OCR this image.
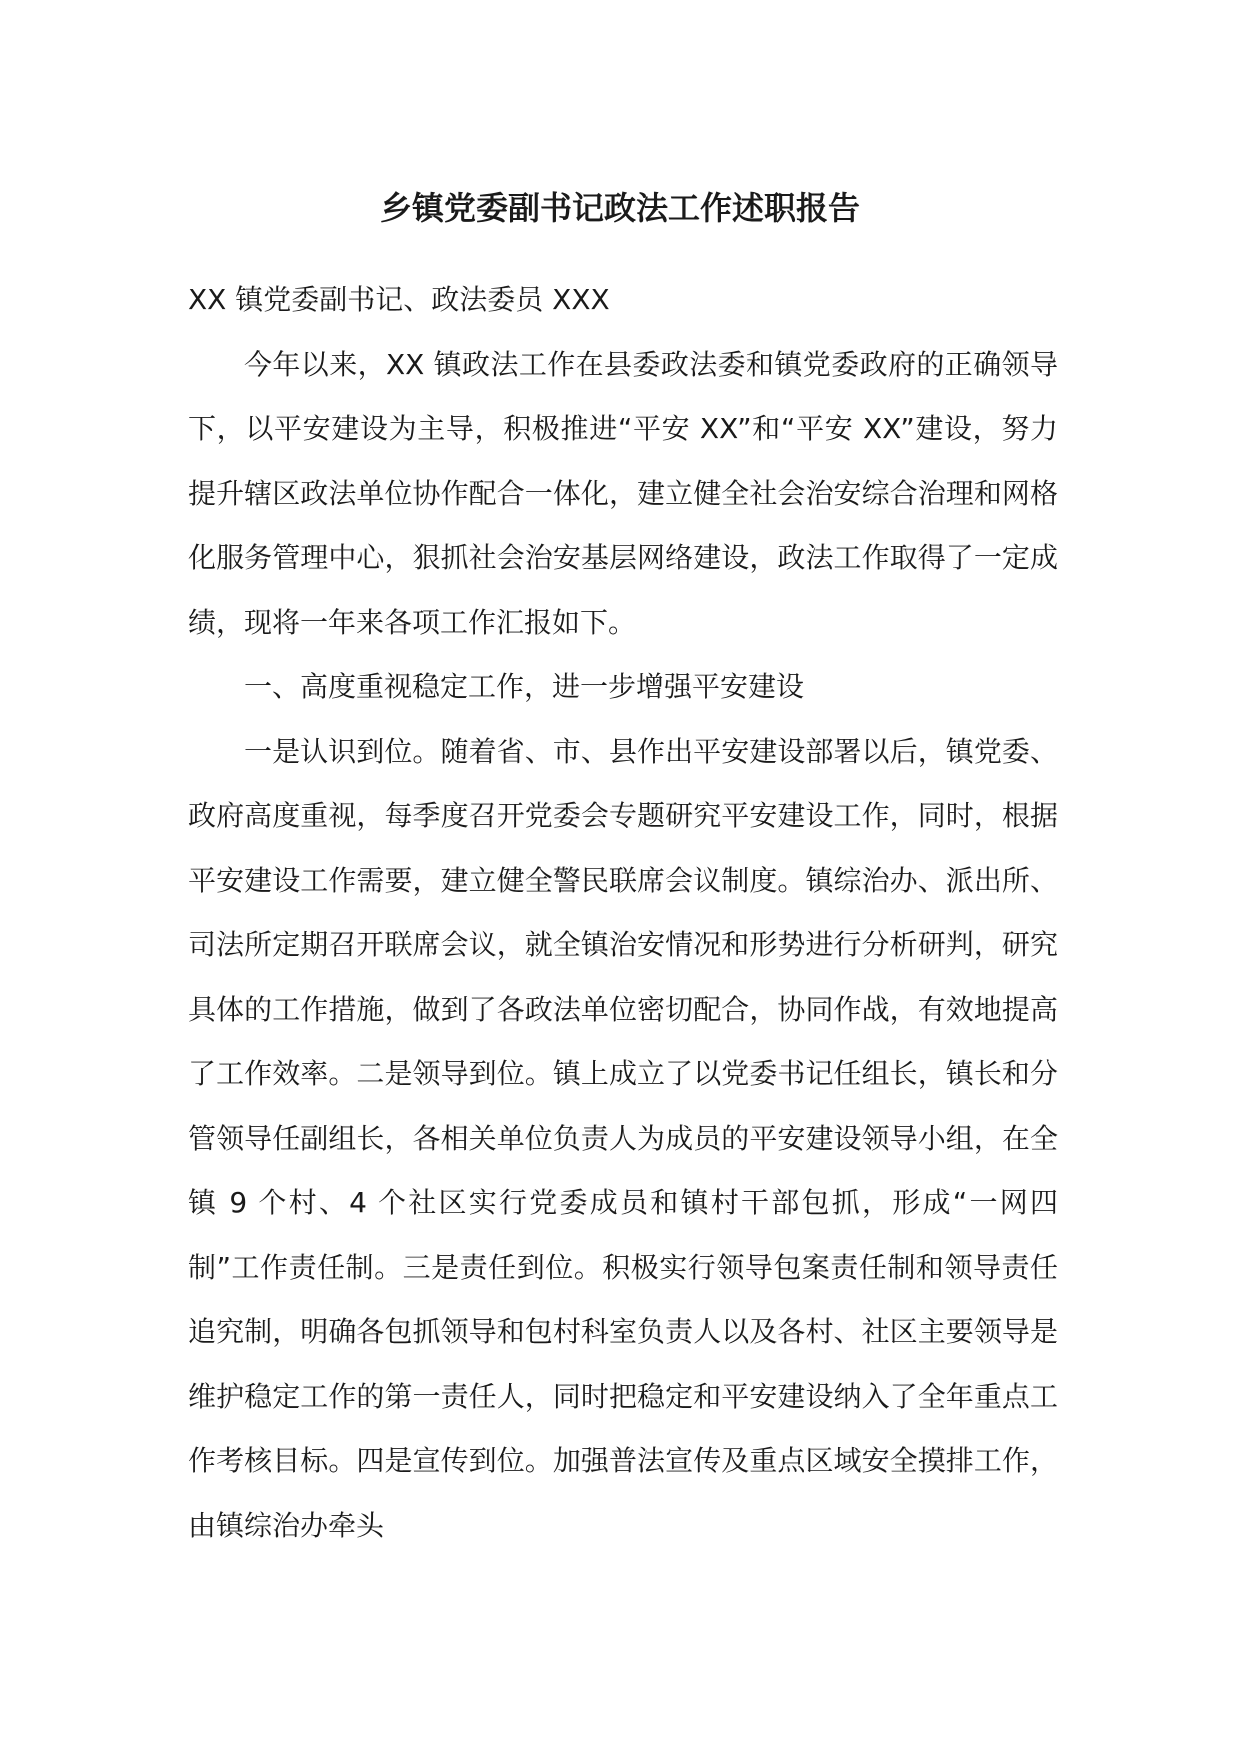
乡镇党委副书记政法工作述职报告

XX 镇党委副书记、政法委员 XXX

今年以来，XX 镇政法工作在县委政法委和镇党委政府的正确领导下，以平安建设为主导，积极推进“平安 XX”和“平安 XX”建设，努力提升辖区政法单位协作配合一体化，建立健全社会治安综合治理和网格化服务管理中心，狠抓社会治安基层网络建设，政法工作取得了一定成绩，现将一年来各项工作汇报如下。

一、高度重视稳定工作，进一步增强平安建设

一是认识到位。随着省、市、县作出平安建设部署以后，镇党委、政府高度重视，每季度召开党委会专题研究平安建设工作，同时，根据平安建设工作需要，建立健全警民联席会议制度。镇综治办、派出所、司法所定期召开联席会议，就全镇治安情况和形势进行分析研判，研究具体的工作措施，做到了各政法单位密切配合，协同作战，有效地提高了工作效率。二是领导到位。镇上成立了以党委书记任组长，镇长和分管领导任副组长，各相关单位负责人为成员的平安建设领导小组，在全镇 9 个村、4 个社区实行党委成员和镇村干部包抓，形成“一网四制”工作责任制。三是责任到位。积极实行领导包案责任制和领导责任追究制，明确各包抓领导和包村科室负责人以及各村、社区主要领导是维护稳定工作的第一责任人，同时把稳定和平安建设纳入了全年重点工作考核目标。四是宣传到位。加强普法宣传及重点区域安全摸排工作，由镇综治办牵头
